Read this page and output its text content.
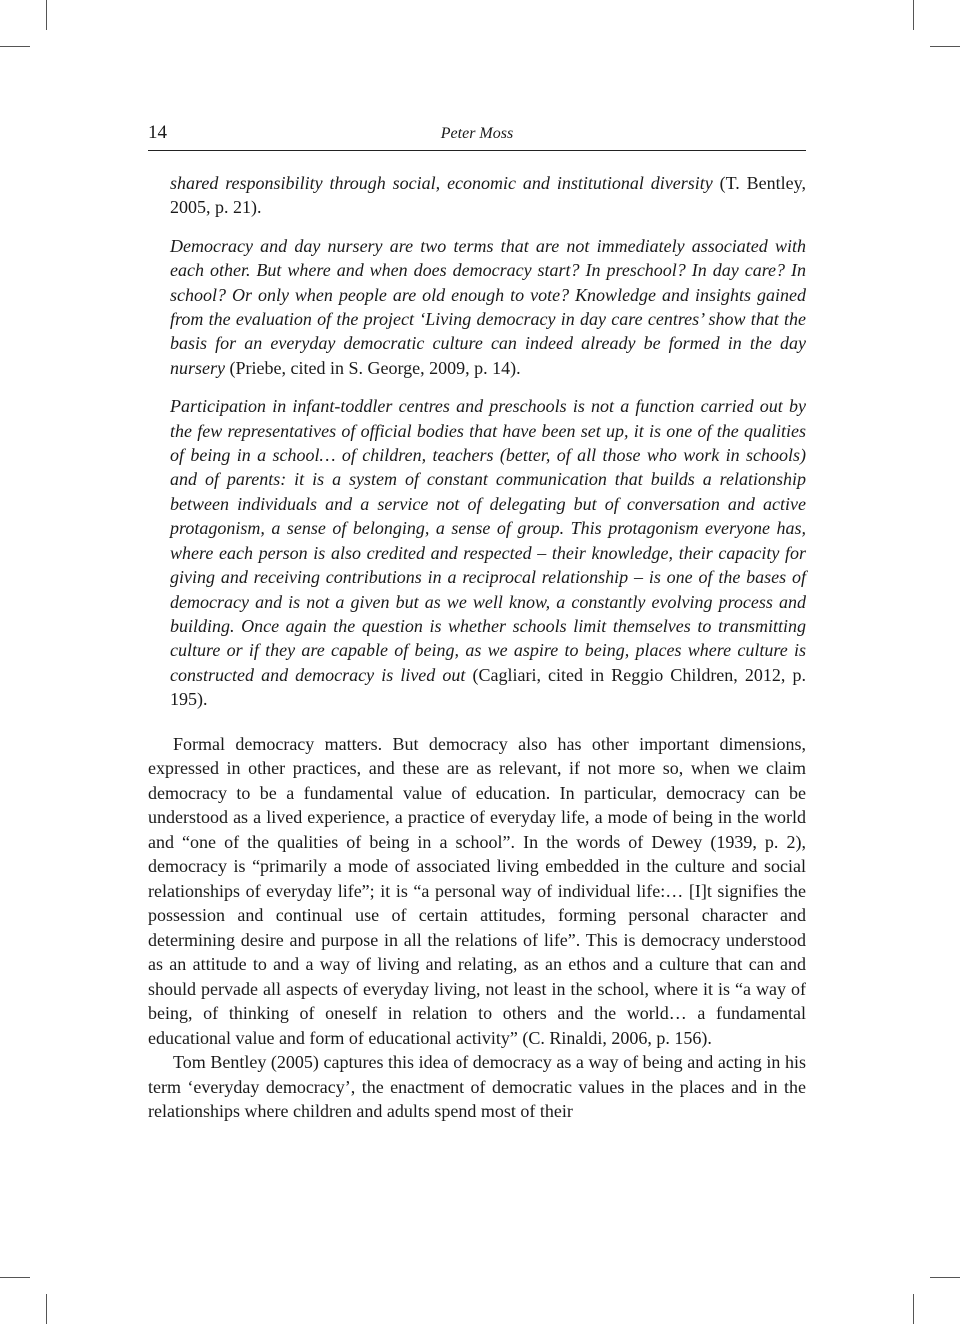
14	Peter Moss
shared responsibility through social, economic and institutional diversity (T. Bentley, 2005, p. 21).
Democracy and day nursery are two terms that are not immediately associated with each other. But where and when does democracy start? In preschool? In day care? In school? Or only when people are old enough to vote? Knowledge and insights gained from the evaluation of the project ‘Living democracy in day care centres’ show that the basis for an everyday democratic culture can indeed already be formed in the day nursery (Priebe, cited in S. George, 2009, p. 14).
Participation in infant-toddler centres and preschools is not a function carried out by the few representatives of official bodies that have been set up, it is one of the qualities of being in a school… of children, teachers (better, of all those who work in schools) and of parents: it is a system of constant communication that builds a relationship between individuals and a service not of delegating but of conversation and active protagonism, a sense of belonging, a sense of group. This protagonism everyone has, where each person is also credited and respected – their knowledge, their capacity for giving and receiving contributions in a reciprocal relationship – is one of the bases of democracy and is not a given but as we well know, a constantly evolving process and building. Once again the question is whether schools limit themselves to transmitting culture or if they are capable of being, as we aspire to being, places where culture is constructed and democracy is lived out (Cagliari, cited in Reggio Children, 2012, p. 195).

Formal democracy matters. But democracy also has other important dimensions, expressed in other practices, and these are as relevant, if not more so, when we claim democracy to be a fundamental value of education. In particular, democracy can be understood as a lived experience, a practice of everyday life, a mode of being in the world and “one of the qualities of being in a school”. In the words of Dewey (1939, p. 2), democracy is “primarily a mode of associated living embedded in the culture and social relationships of everyday life”; it is “a personal way of individual life:… [I]t signifies the possession and continual use of certain attitudes, forming personal character and determining desire and purpose in all the relations of life”. This is democracy understood as an attitude to and a way of living and relating, as an ethos and a culture that can and should pervade all aspects of everyday living, not least in the school, where it is “a way of being, of thinking of oneself in relation to others and the world… a fundamental educational value and form of educational activity” (C. Rinaldi, 2006, p. 156).

Tom Bentley (2005) captures this idea of democracy as a way of being and acting in his term ‘everyday democracy’, the enactment of democratic values in the places and in the relationships where children and adults spend most of their
